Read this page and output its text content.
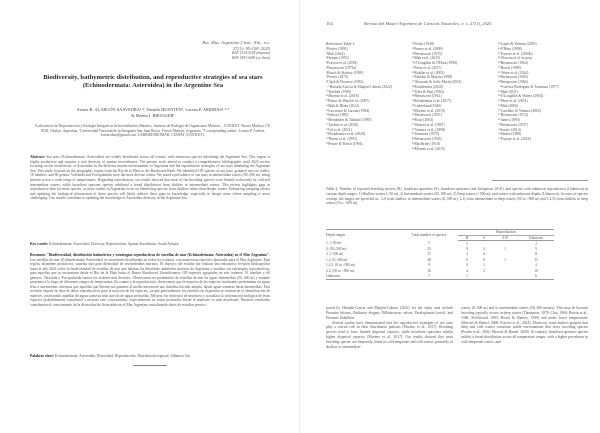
Rev. Mus. Argentino Cienc. Nat., n.s.
27(1): 95-108, 2025
ISSN 1514-5158 (impresa)
ISSN 1853-0400 (en línea)
Biodiversity, bathymetric distribution, and reproductive strategies of sea stars (Echinodermata: Asteroidea) in the Argentine Sea
Ariana B. ALARCÓN SAAVEDRA¹·², Daniela HUENTEN¹, Lorena P. ARRIBAS¹·²·*
& Martín I. BROGGER¹
¹Laboratorio de Reproducción y Biología Integrativa de Invertebrados Marinos, Instituto de Biología de Organismos Marinos – CONICET, Puerto Madryn, CP: 9120, Chubut, Argentina. ²Universidad Nacional de la Patagonia San Juan Bosco, Puerto Madryn, Argentina. *Corresponding author: Lorena P. Arribas, lorearribas@gmail.com. LARBIM-IBIOMAR, CENPAT (CONICET).
Abstract: Sea stars (Echinodermata: Asteroidea) are widely distributed across all oceans, with numerous species inhabiting the Argentine Sea. This region is highly productive and sustains a rich diversity of marine invertebrates. The present work aimed to conduct a comprehensive bibliographic until 2024 review focusing on the biodiversity of Asteroidea in the different marine environments of Argentina and the reproductive strategies of sea stars inhabiting the Argentine Sea. This study focused on the geographic region from the Río de la Plata to the Burdwood Bank. We identified 105 species of sea stars, grouped into six orders, 18 families, and 60 genera. Valvatida and Forcipulatida were the most diverse orders. We noted a prevalence of sea stars in intermediate waters (50–500 m), being present across a wide range of temperatures. Regarding reproduction, our results showed that most of the brooding species were limited exclusively in cold and intermediate waters, while broadcast spawner species exhibited a broad distribution from shallow to intermediate waters. This review highlights gaps in reproductive data for most species, as most studies in Argentina focus on identifying species from shallow rather than deeper waters. Enhancing sampling efforts and updating the biological information of these species will likely address these gaps in knowledge, especially in deeper areas where sampling is more challenging. Our results contribute to updating the knowledge of Asteroidea diversity in the Argentine Sea.
Key words: Echinodermata, Asteroidea, Diversity, Reproduction, Spatial distribution, South Atlantic
Resumen: "Biodiversidad, distribución batimétrica y estrategias reproductivas de estrellas de mar (Echinodermata: Asteroidea) en el Mar Argentino". Las estrellas de mar (Echinodermata: Asteroidea) se encuentran distribuidas en todos los océanos, con numerosas especies reportadas para el Mar Argentino. Esta región, altamente productiva, sustenta una gran diversidad de invertebrados marinos. El objetivo del estudio fue realizar una exhaustiva revisión bibliográfica hasta el año 2024 sobre la biodiversidad de estrellas de mar que habitan los diferentes ambientes marinos de Argentina y analizar sus estrategias reproductivas, para aquellas que se encuentran desde el Río de la Plata hasta el Banco Burdwood. Identificamos 105 especies agrupadas en seis órdenes, 18 familias y 60 géneros. Valvatida y Forcipulatida fueron los órdenes más diversos. Observamos un predominio de estrellas de mar en aguas intermedias (50–500 m) y estando presentes a lo largo de diferentes rangos de temperatura. En cuanto a la reproducción, observamos que la mayoría de las especies incubantes predominan en aguas frías e intermedias, mientras que aquellas que liberan sus gametas al medio mostraron una distribución más amplia, desde aguas someras hasta intermedias. Esta revisión expone la falta de datos reproductivos para la mayoría de las especies, ya que generalmente los estudios en Argentina se centran en la identificación de especies, priorizando aquellas de aguas someras más que las de aguas profundas. Mejorar los esfuerzos de muestreo y actualizar la información biológica de estas especies probablemente contribuirá a mejorar este conocimiento, especialmente en zonas profundas donde el muestreo es más desafiante. Nuestros resultados contribuyen al conocimiento de la diversidad de Asteroidea en el Mar Argentino actualizando datos de estudios previos.
Palabras clave: Echinodermata, Asteroidea, Diversidad, Reproducción, Distribución espacial, Atlántico Sur
102	Revista del Museo Argentino de Ciencias Naturales, n. s. 27(1), 2025
References Table 1:
¹Perrier (1891)
²Mah (2024)
³Hyman (1955)
⁴Fraysse et al. (2018)
⁵Bernasconi (1973a)
⁶Bosch & Slattery (1999)
⁷Perrier (1875)
⁸Clark & Downey (1992)
⁹ Hurtado-García & Manjón-Cabeza (2022)
¹⁰Koehler (1908)
¹¹Moreno et al. (2018)
¹²Pastor de Ward et al. (2007)
¹³Mah & Blake (2012)
¹⁴Lawrence & Larrain (1994)
¹⁵Salvat (1985)
¹⁶Hernández & Tablado (1985)
¹⁷Arribas et al. (2016)
¹⁸Gil et al. (2011)
¹⁹Rivadeneira et al. (2020)
²⁰Pearse et al. (1991)
²¹Pearse & Bosch (1994)
²²Fisher (1940)
²³Pearse et al. (2009)
²⁴Bernasconi (1970)
²⁵Mah et al. (2015)
²⁶O'Loughlin & O'Hara (1990)
²⁷Pérez et al. (2017)
²⁸Rubilar et al. (2005)
²⁹Tablado & Maytía (1988)
³⁰Alvarado & Solís-Marín (2013)
³¹Rivadeneira (2020)
³²Tyler & Pain (1982)
³³Bernasconi (1941)
³⁴Rivadeneira et al. (2017)
³⁵Lieberkind (1926)
³⁶Moreno et al. (2019)
³⁷Bernasconi (1957)
³⁸Roux (2004)
³⁹Ventura et al. (1997)
⁴⁰Ventura et al. (1998)
⁴¹Tommasi (1970)
⁴²Bernasconi (1945)
⁴³MacBride (1910)
⁴⁴Moreno et al. (2015)
⁴⁵Lopes & Ventura (2016)
⁴⁶O'Hara (1998)
⁴⁷Fraysse et al. (2020b)
⁴⁸Alarcón et al. in prep.
⁴⁹Bernasconi (1962)
⁵⁰Bosch (1989)
⁵¹ Pérez et al. (2024)
⁵²Bernasconi (1965)
⁵³Bernasconi (1964)
⁵⁴Carrera-Rodríguez & Tommasi (1977)
⁵⁵Mah (2011)
⁵⁶O'Loughlin & Waters (2004)
⁵⁷Pérez et al. (2014)
⁵⁸Mah (2006)
⁵⁹Carvalho & Ventura (2002)
⁶⁰Bernasconi (1972)
⁶¹Janies (1995)
⁶²Bernasconi (1937)
⁶³Sorato (2014)
⁶⁴Sladen (1889)
⁶⁵Fraysse et al. (2024)
Table 2: Number of reported breeding species (B), broadcast spawners (S), broadcast spawners and fissiparous (S+F), and species with unknown reproduction (Unknown) in various depth ranges: 1) Shallow waters (<50 m), 2) Intermediate waters (50–500 m), 3) Deep waters (>500 m), and waters with unknown depths (Unknown). In cases of species overlap, the ranges are specified as: 1,2) from shallow to intermediate waters (0–500 m); 2,3) from intermediate to deep waters (50 to >500 m) and 1,2,3) from shallow to deep waters (0 to >500 m).
Depth ranges	Total number of species	Reproduction			
		B	S	S+F	Unknown
1. (<50 m)	5	3			2
2. (50–500 m)	23	9	4	1	9
3. (>500 m)	17	2	4		11
1,2. (0–500 m)	28	6	8	1	13
1,2,3. (0 to >500 m)	9	4	1		4
2,3. (50 to >500 m)	16	4	2		10
Unknown	7	1			6

posed by Hurtado-García and Manjón-Cabeza (2022) for the study area include Pteraster bifrons, Radiaster elegans, Pillsburiaster calvus, Paralophaster lorioli, and Pteraster flabellifer.

Several studies have demonstrated that the reproductive strategies of sea stars play a crucial role in their distribution patterns (Moreno et al., 2017). Brooding species tend to have limited dispersal capacity, while broadcast spawners exhibit higher dispersal capacity (Moreno et al., 2017). Our results showed that most brooding species are frequently found in cold-temperate and cold waters, primarily in shallow to intermediate

waters (0–500 m) and in intermediate waters (50–500 meters). This may be because brooding typically occurs in deep waters (Thompson, 1878; Chia, 1968; Boivin et al., 1986; McEdward, 1995; Bosch & Slattery, 1999) and under lower temperatures (Mercier & Hamel, 2008; Fraysse et al., 2024). Moreover, some authors propose that deep and cold waters constitute stable environments that favor brooding species (Poulin et al., 2002; Mercier & Hamel, 2009). In contrast, broadcast spawner species exhibit a broad distribution across all temperature ranges, with a higher prevalence in cold-temperate waters, and
